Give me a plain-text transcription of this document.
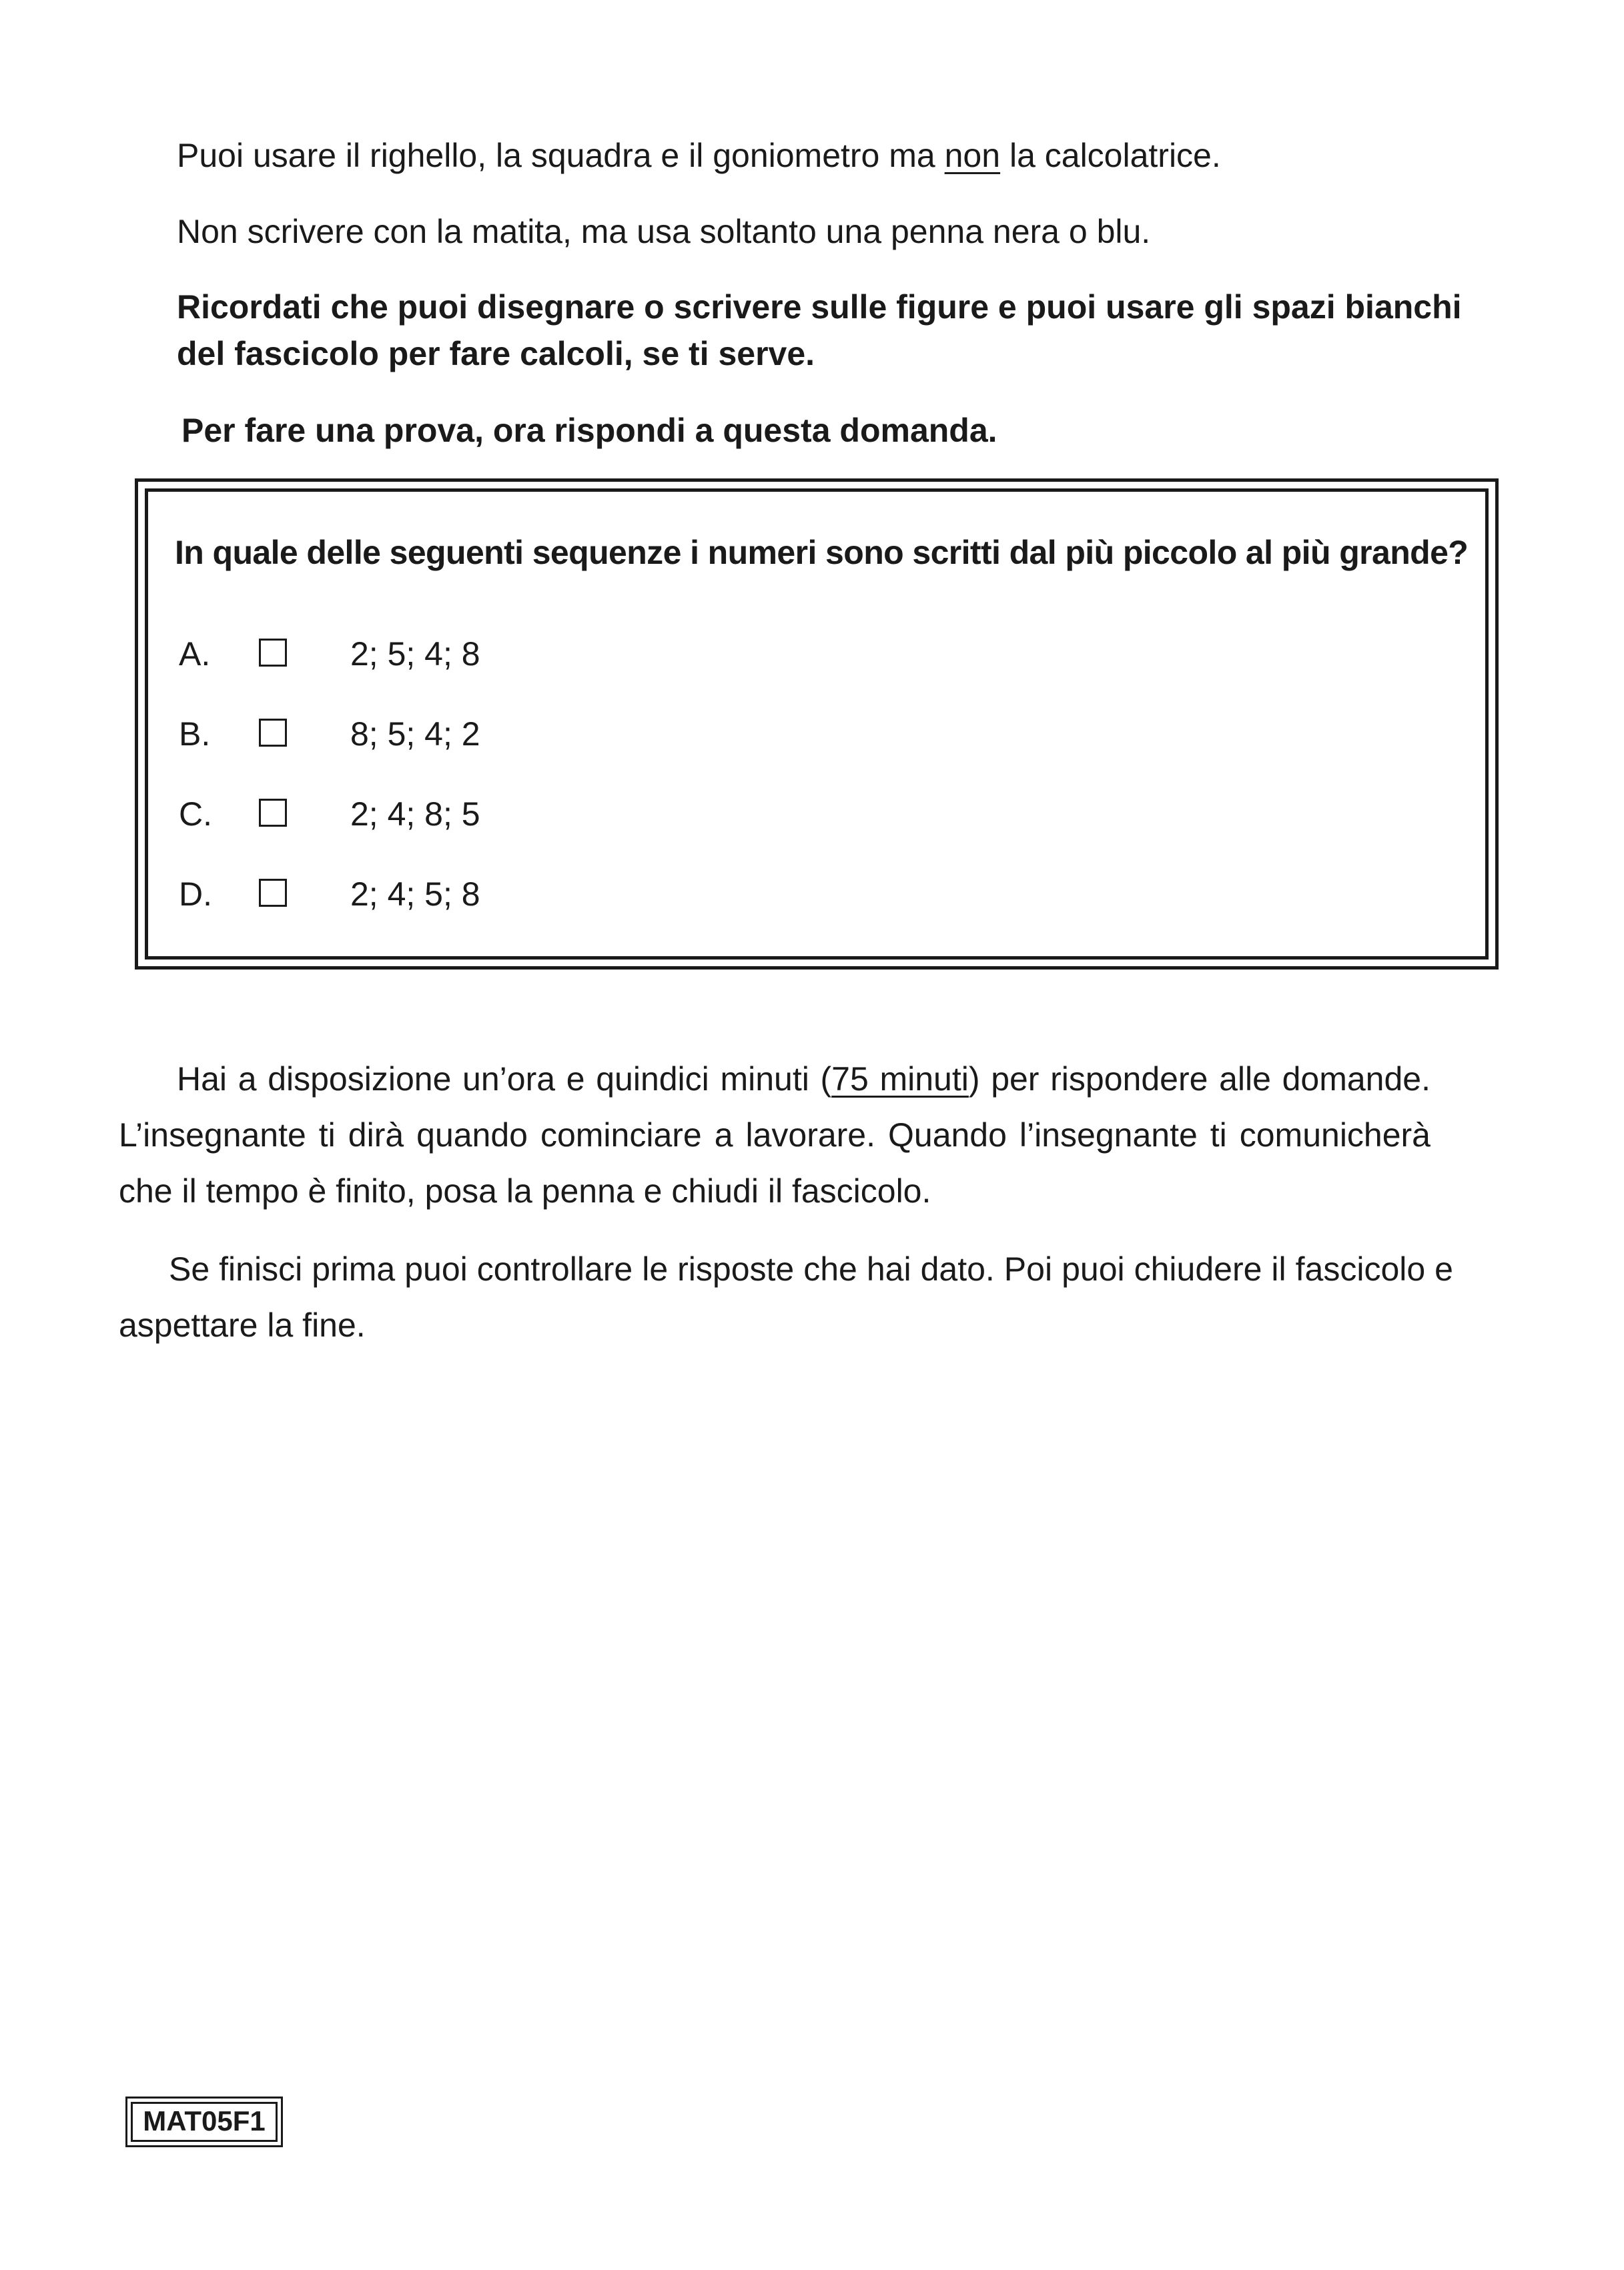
Puoi usare il righello, la squadra e il goniometro ma non la calcolatrice.

Non scrivere con la matita, ma usa soltanto una penna nera o blu.

Ricordati che puoi disegnare o scrivere sulle figure e puoi usare gli spazi bianchi del fascicolo per fare calcoli, se ti serve.

Per fare una prova, ora rispondi a questa domanda.

In quale delle seguenti sequenze i numeri sono scritti dal più piccolo al più grande?

A.	2; 5; 4; 8
B.	8; 5; 4; 2
C.	2; 4; 8; 5
D.	2; 4; 5; 8

Hai a disposizione un’ora e quindici minuti (75 minuti) per rispondere alle domande. L’insegnante ti dirà quando cominciare a lavorare. Quando l’insegnante ti comunicherà che il tempo è finito, posa la penna e chiudi il fascicolo.

Se finisci prima puoi controllare le risposte che hai dato. Poi puoi chiudere il fascicolo e aspettare la fine.

MAT05F1
